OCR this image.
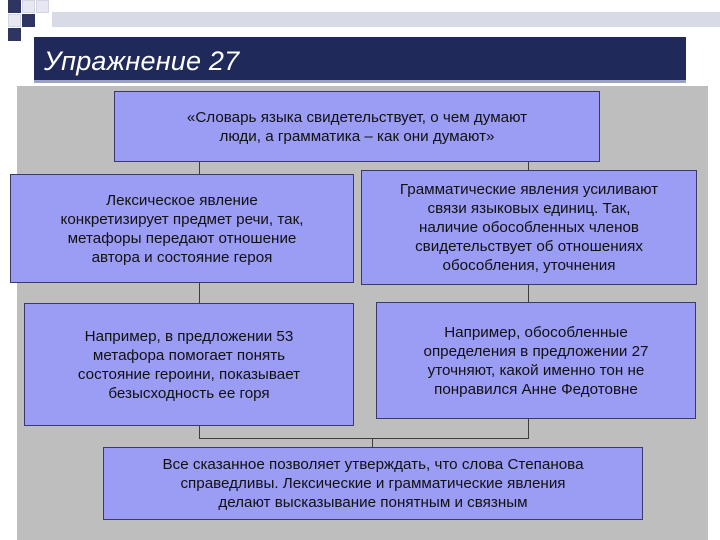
Упражнение 27
«Словарь языка свидетельствует, о чем думают
люди, а грамматика – как они думают»
Лексическое явление
конкретизирует предмет речи, так,
метафоры передают отношение
автора и состояние героя
Грамматические явления усиливают
связи языковых единиц. Так,
наличие обособленных членов
свидетельствует об отношениях
обособления, уточнения
Например, в предложении 53
метафора помогает понять
состояние героини, показывает
безысходность ее горя
Например, обособленные
определения в предложении 27
уточняют, какой именно тон не
понравился Анне Федотовне
Все сказанное позволяет утверждать, что слова Степанова
справедливы. Лексические и грамматические явления
делают высказывание понятным и связным
